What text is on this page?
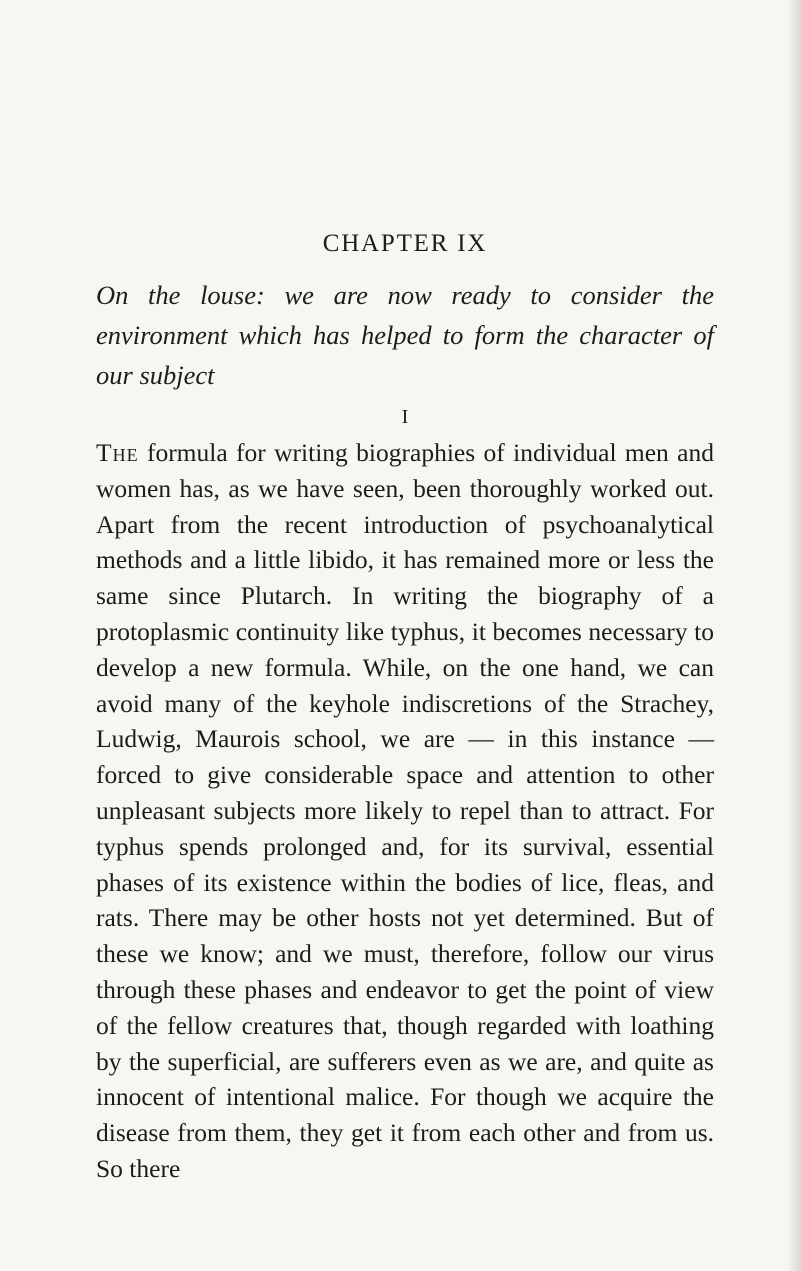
CHAPTER IX

On the louse: we are now ready to consider the environment which has helped to form the character of our subject

I

The formula for writing biographies of individual men and women has, as we have seen, been thoroughly worked out. Apart from the recent introduction of psychoanalytical methods and a little libido, it has remained more or less the same since Plutarch. In writing the biography of a protoplasmic continuity like typhus, it becomes necessary to develop a new formula. While, on the one hand, we can avoid many of the keyhole indiscretions of the Strachey, Ludwig, Maurois school, we are — in this instance — forced to give considerable space and attention to other unpleasant subjects more likely to repel than to attract. For typhus spends prolonged and, for its survival, essential phases of its existence within the bodies of lice, fleas, and rats. There may be other hosts not yet determined. But of these we know; and we must, therefore, follow our virus through these phases and endeavor to get the point of view of the fellow creatures that, though regarded with loathing by the superficial, are sufferers even as we are, and quite as innocent of intentional malice. For though we acquire the disease from them, they get it from each other and from us. So there
